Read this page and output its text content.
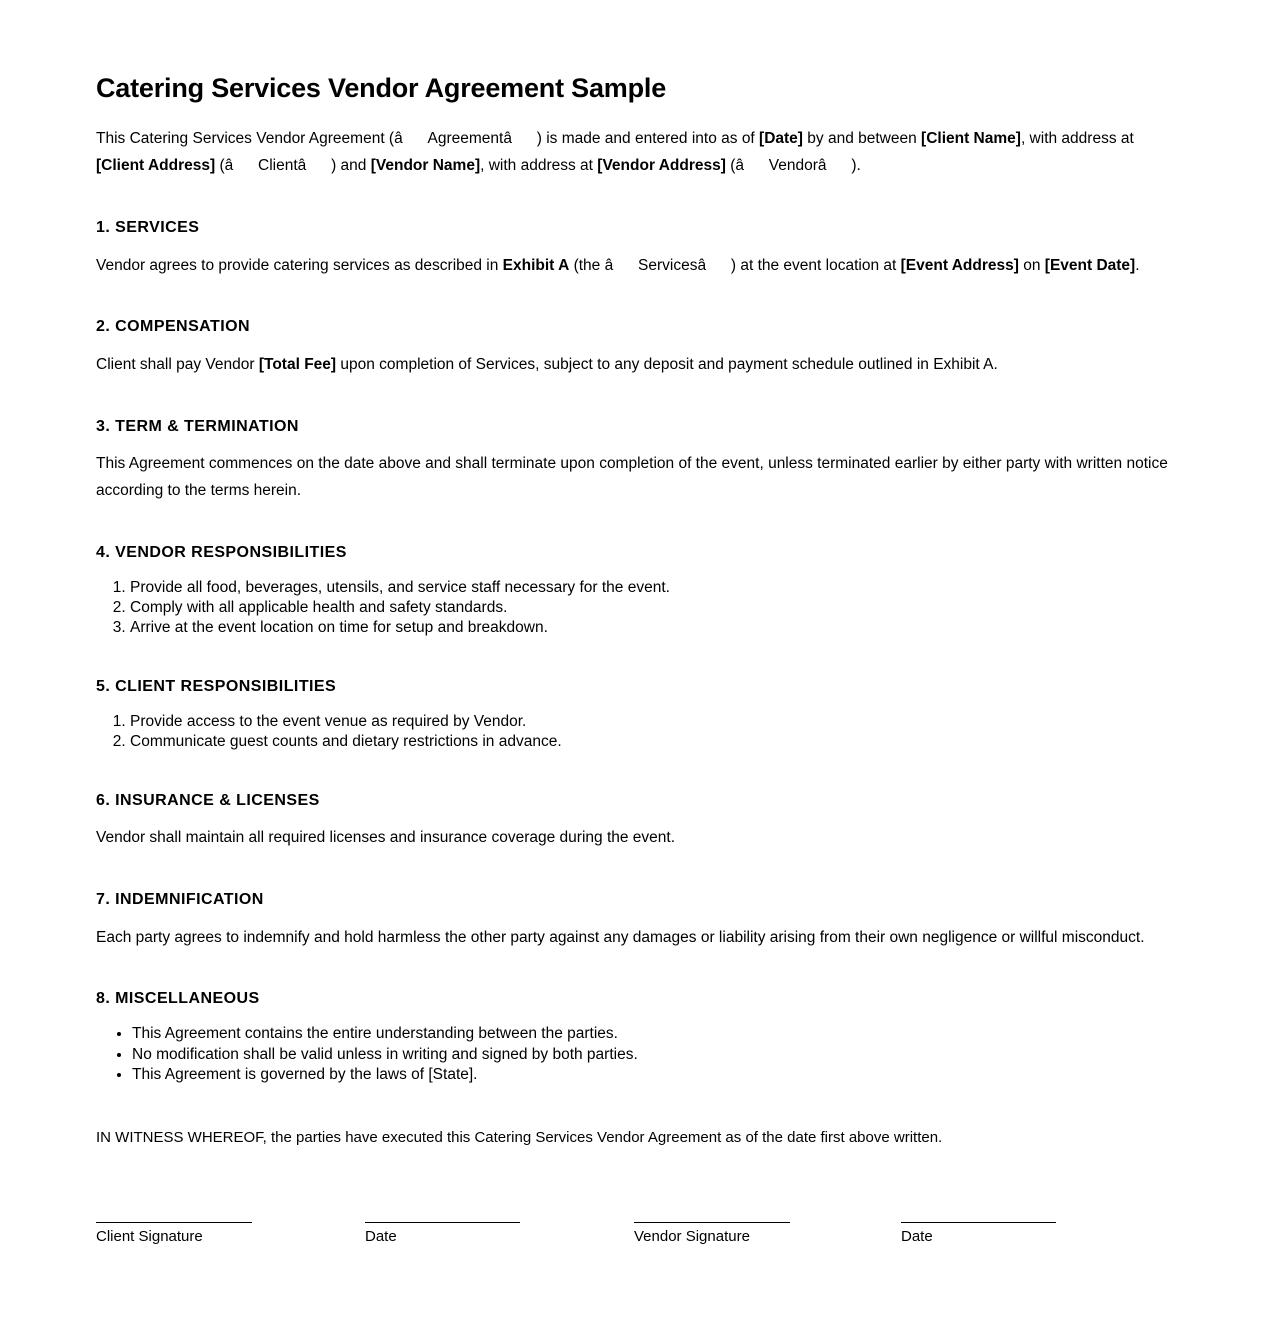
Catering Services Vendor Agreement Sample

This Catering Services Vendor Agreement (âAgreementâ) is made and entered into as of [Date] by and between [Client Name], with address at [Client Address] (âClientâ) and [Vendor Name], with address at [Vendor Address] (âVendorâ).

1. SERVICES

Vendor agrees to provide catering services as described in Exhibit A (the âServicesâ) at the event location at [Event Address] on [Event Date].

2. COMPENSATION

Client shall pay Vendor [Total Fee] upon completion of Services, subject to any deposit and payment schedule outlined in Exhibit A.

3. TERM & TERMINATION

This Agreement commences on the date above and shall terminate upon completion of the event, unless terminated earlier by either party with written notice according to the terms herein.

4. VENDOR RESPONSIBILITIES
1. Provide all food, beverages, utensils, and service staff necessary for the event.
2. Comply with all applicable health and safety standards.
3. Arrive at the event location on time for setup and breakdown.
5. CLIENT RESPONSIBILITIES
1. Provide access to the event venue as required by Vendor.
2. Communicate guest counts and dietary restrictions in advance.
6. INSURANCE & LICENSES

Vendor shall maintain all required licenses and insurance coverage during the event.

7. INDEMNIFICATION

Each party agrees to indemnify and hold harmless the other party against any damages or liability arising from their own negligence or willful misconduct.

8. MISCELLANEOUS
• This Agreement contains the entire understanding between the parties.
• No modification shall be valid unless in writing and signed by both parties.
• This Agreement is governed by the laws of [State].

IN WITNESS WHEREOF, the parties have executed this Catering Services Vendor Agreement as of the date first above written.

Client Signature	Date	Vendor Signature	Date
